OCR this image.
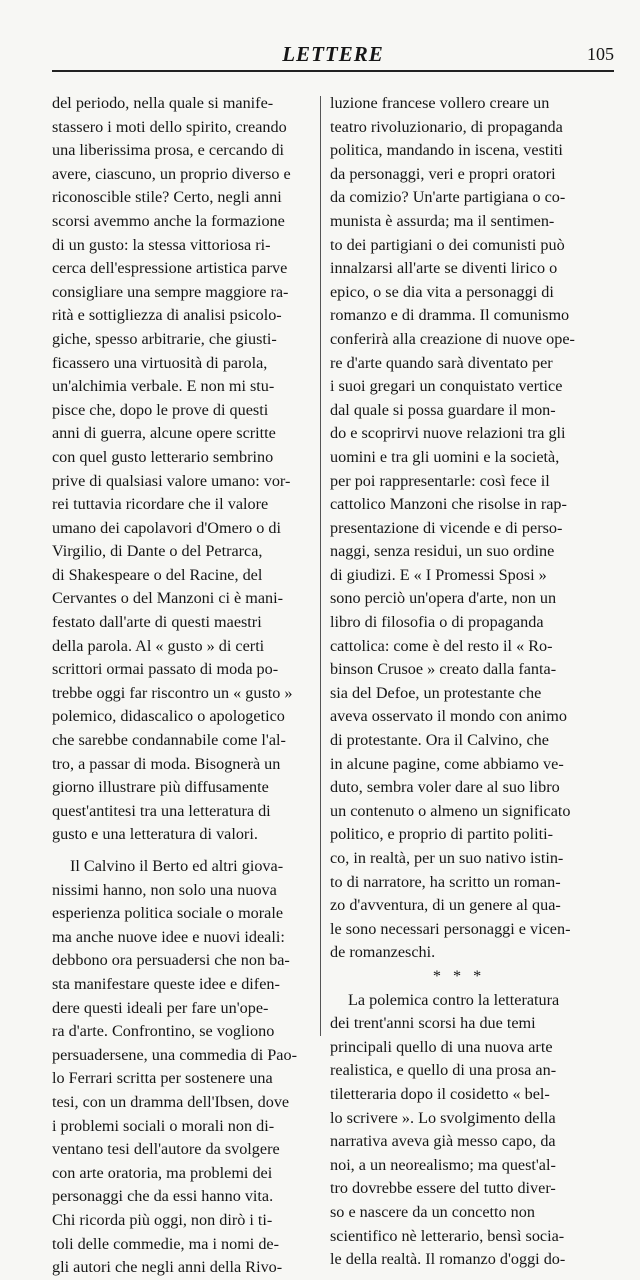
LETTERE	105
del periodo, nella quale si manife-
stassero i moti dello spirito, creando
una liberissima prosa, e cercando di
avere, ciascuno, un proprio diverso e
riconoscible stile? Certo, negli anni
scorsi avemmo anche la formazione
di un gusto: la stessa vittoriosa ri-
cerca dell'espressione artistica parve
consigliare una sempre maggiore ra-
rità e sottigliezza di analisi psicolo-
giche, spesso arbitrarie, che giusti-
ficassero una virtuosità di parola,
un'alchimia verbale. E non mi stu-
pisce che, dopo le prove di questi
anni di guerra, alcune opere scritte
con quel gusto letterario sembrino
prive di qualsiasi valore umano: vor-
rei tuttavia ricordare che il valore
umano dei capolavori d'Omero o di
Virgilio, di Dante o del Petrarca,
di Shakespeare o del Racine, del
Cervantes o del Manzoni ci è mani-
festato dall'arte di questi maestri
della parola. Al « gusto » di certi
scrittori ormai passato di moda po-
trebbe oggi far riscontro un « gusto »
polemico, didascalico o apologetico
che sarebbe condannabile come l'al-
tro, a passar di moda. Bisognerà un
giorno illustrare più diffusamente
quest'antitesi tra una letteratura di
gusto e una letteratura di valori.
Il Calvino il Berto ed altri giova-
nissimi hanno, non solo una nuova
esperienza politica sociale o morale
ma anche nuove idee e nuovi ideali:
debbono ora persuadersi che non ba-
sta manifestare queste idee e difen-
dere questi ideali per fare un'ope-
ra d'arte. Confrontino, se vogliono
persuadersene, una commedia di Pao-
lo Ferrari scritta per sostenere una
tesi, con un dramma dell'Ibsen, dove
i problemi sociali o morali non di-
ventano tesi dell'autore da svolgere
con arte oratoria, ma problemi dei
personaggi che da essi hanno vita.
Chi ricorda più oggi, non dirò i ti-
toli delle commedie, ma i nomi de-
gli autori che negli anni della Rivo-
luzione francese vollero creare un
teatro rivoluzionario, di propaganda
politica, mandando in iscena, vestiti
da personaggi, veri e propri oratori
da comizio? Un'arte partigiana o co-
munista è assurda; ma il sentimen-
to dei partigiani o dei comunisti può
innalzarsi all'arte se diventi lirico o
epico, o se dia vita a personaggi di
romanzo e di dramma. Il comunismo
conferirà alla creazione di nuove ope-
re d'arte quando sarà diventato per
i suoi gregari un conquistato vertice
dal quale si possa guardare il mon-
do e scoprirvi nuove relazioni tra gli
uomini e tra gli uomini e la società,
per poi rappresentarle: così fece il
cattolico Manzoni che risolse in rap-
presentazione di vicende e di perso-
naggi, senza residui, un suo ordine
di giudizi. E « I Promessi Sposi »
sono perciò un'opera d'arte, non un
libro di filosofia o di propaganda
cattolica: come è del resto il « Ro-
binson Crusoe » creato dalla fanta-
sia del Defoe, un protestante che
aveva osservato il mondo con animo
di protestante. Ora il Calvino, che
in alcune pagine, come abbiamo ve-
duto, sembra voler dare al suo libro
un contenuto o almeno un significato
politico, e proprio di partito politi-
co, in realtà, per un suo nativo istin-
to di narratore, ha scritto un roman-
zo d'avventura, di un genere al qua-
le sono necessari personaggi e vicen-
de romanzeschi.
* * *
La polemica contro la letteratura
dei trent'anni scorsi ha due temi
principali quello di una nuova arte
realistica, e quello di una prosa an-
tiletteraria dopo il cosidetto « bel-
lo scrivere ». Lo svolgimento della
narrativa aveva già messo capo, da
noi, a un neorealismo; ma quest'al-
tro dovrebbe essere del tutto diver-
so e nascere da un concetto non
scientifico nè letterario, bensì socia-
le della realtà. Il romanzo d'oggi do-
